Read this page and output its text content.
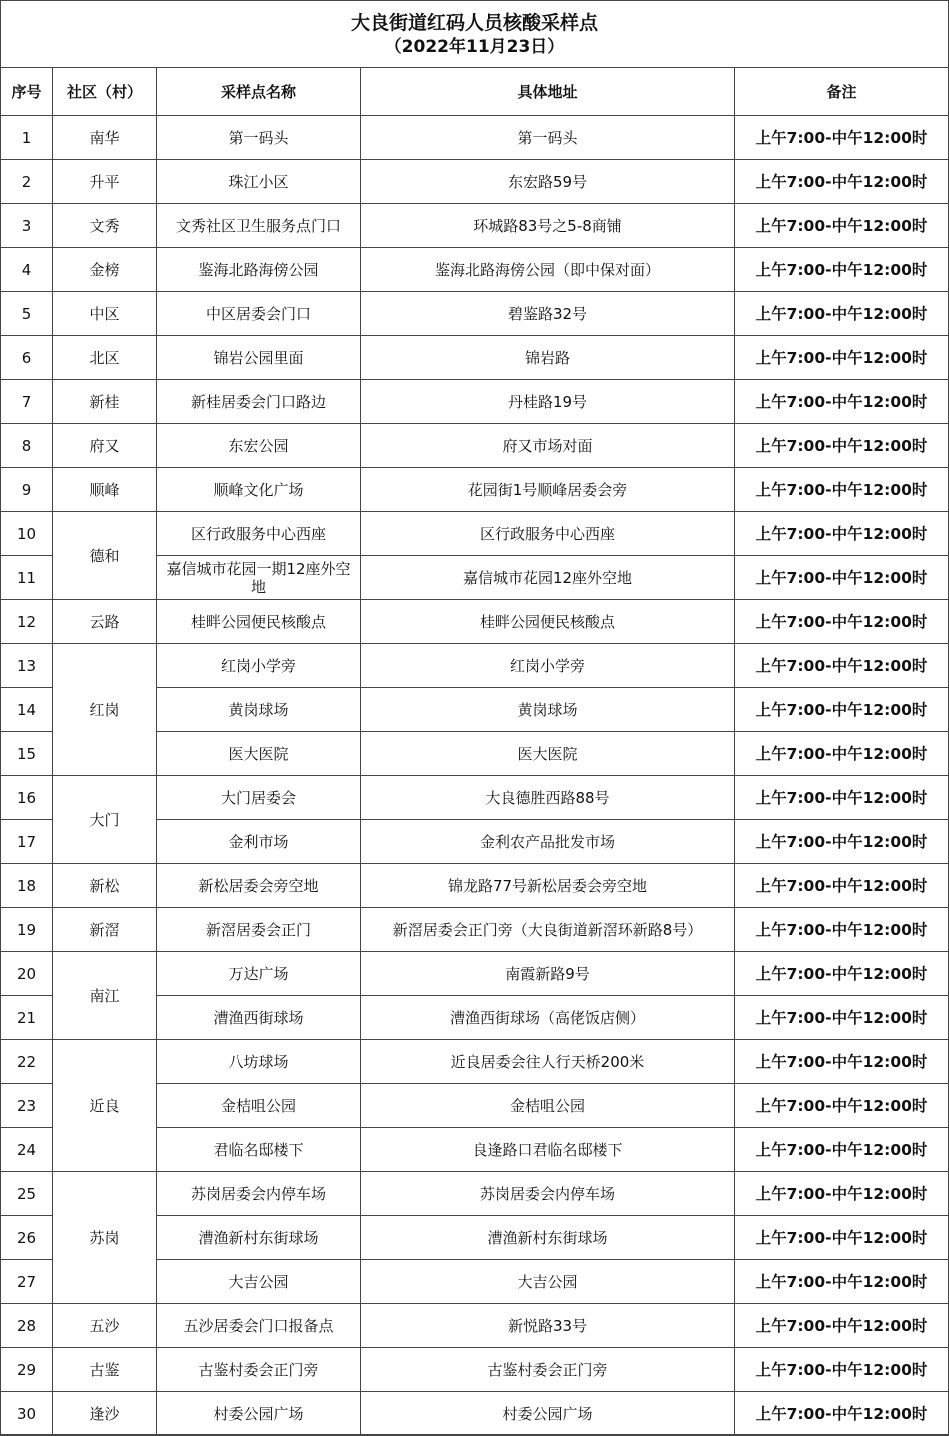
大良街道红码人员核酸采样点
（2022年11月23日）
序号	社区（村）	采样点名称	具体地址	备注
1	南华	第一码头	第一码头	上午7:00-中午12:00时
2	升平	珠江小区	东宏路59号	上午7:00-中午12:00时
3	文秀	文秀社区卫生服务点门口	环城路83号之5-8商铺	上午7:00-中午12:00时
4	金榜	鉴海北路海傍公园	鉴海北路海傍公园（即中保对面）	上午7:00-中午12:00时
5	中区	中区居委会门口	碧鉴路32号	上午7:00-中午12:00时
6	北区	锦岩公园里面	锦岩路	上午7:00-中午12:00时
7	新桂	新桂居委会门口路边	丹桂路19号	上午7:00-中午12:00时
8	府又	东宏公园	府又市场对面	上午7:00-中午12:00时
9	顺峰	顺峰文化广场	花园街1号顺峰居委会旁	上午7:00-中午12:00时
10	德和	区行政服务中心西座	区行政服务中心西座	上午7:00-中午12:00时
11		嘉信城市花园一期12座外空地	嘉信城市花园12座外空地	上午7:00-中午12:00时
12	云路	桂畔公园便民核酸点	桂畔公园便民核酸点	上午7:00-中午12:00时
13	红岗	红岗小学旁	红岗小学旁	上午7:00-中午12:00时
14		黄岗球场	黄岗球场	上午7:00-中午12:00时
15		医大医院	医大医院	上午7:00-中午12:00时
16	大门	大门居委会	大良德胜西路88号	上午7:00-中午12:00时
17		金利市场	金利农产品批发市场	上午7:00-中午12:00时
18	新松	新松居委会旁空地	锦龙路77号新松居委会旁空地	上午7:00-中午12:00时
19	新滘	新滘居委会正门	新滘居委会正门旁（大良街道新滘环新路8号）	上午7:00-中午12:00时
20	南江	万达广场	南霞新路9号	上午7:00-中午12:00时
21		漕渔西街球场	漕渔西街球场（高佬饭店侧）	上午7:00-中午12:00时
22	近良	八坊球场	近良居委会往人行天桥200米	上午7:00-中午12:00时
23		金桔咀公园	金桔咀公园	上午7:00-中午12:00时
24		君临名邸楼下	良逢路口君临名邸楼下	上午7:00-中午12:00时
25	苏岗	苏岗居委会内停车场	苏岗居委会内停车场	上午7:00-中午12:00时
26		漕渔新村东街球场	漕渔新村东街球场	上午7:00-中午12:00时
27		大吉公园	大吉公园	上午7:00-中午12:00时
28	五沙	五沙居委会门口报备点	新悦路33号	上午7:00-中午12:00时
29	古鉴	古鉴村委会正门旁	古鉴村委会正门旁	上午7:00-中午12:00时
30	逢沙	村委公园广场	村委公园广场	上午7:00-中午12:00时
